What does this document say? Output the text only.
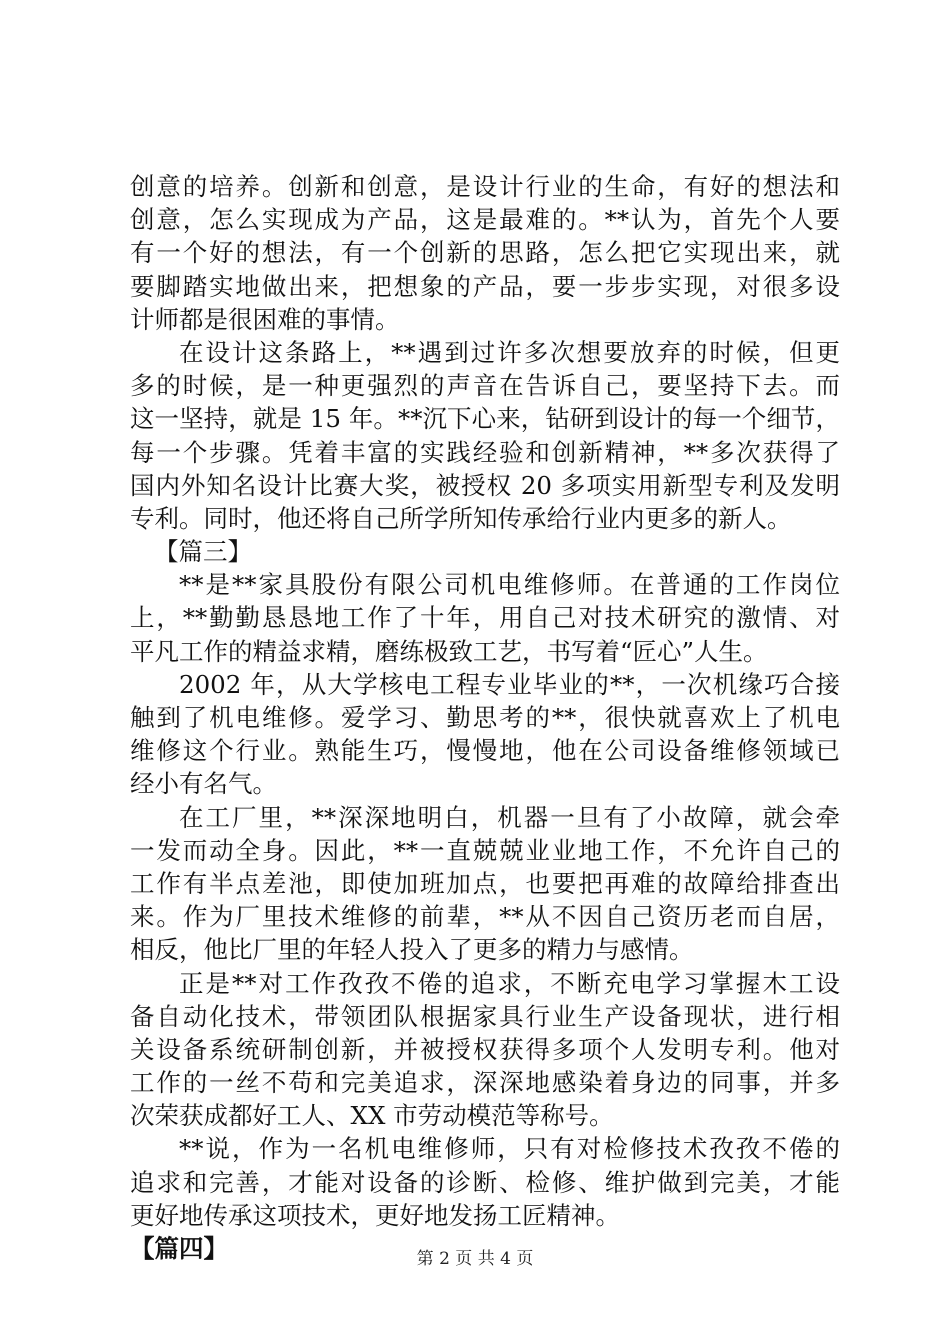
创意的培养。创新和创意，是设计行业的生命，有好的想法和
创意，怎么实现成为产品，这是最难的。**认为，首先个人要
有一个好的想法，有一个创新的思路，怎么把它实现出来，就
要脚踏实地做出来，把想象的产品，要一步步实现，对很多设
计师都是很困难的事情。
在设计这条路上，**遇到过许多次想要放弃的时候，但更
多的时候，是一种更强烈的声音在告诉自己，要坚持下去。而
这一坚持，就是 15 年。**沉下心来，钻研到设计的每一个细节，
每一个步骤。凭着丰富的实践经验和创新精神，**多次获得了
国内外知名设计比赛大奖，被授权 20 多项实用新型专利及发明
专利。同时，他还将自己所学所知传承给行业内更多的新人。
【篇三】
**是**家具股份有限公司机电维修师。在普通的工作岗位
上，**勤勤恳恳地工作了十年，用自己对技术研究的激情、对
平凡工作的精益求精，磨练极致工艺，书写着“匠心”人生。
2002 年，从大学核电工程专业毕业的**，一次机缘巧合接
触到了机电维修。爱学习、勤思考的**，很快就喜欢上了机电
维修这个行业。熟能生巧，慢慢地，他在公司设备维修领域已
经小有名气。
在工厂里，**深深地明白，机器一旦有了小故障，就会牵
一发而动全身。因此，**一直兢兢业业地工作，不允许自己的
工作有半点差池，即使加班加点，也要把再难的故障给排查出
来。作为厂里技术维修的前辈，**从不因自己资历老而自居，
相反，他比厂里的年轻人投入了更多的精力与感情。
正是**对工作孜孜不倦的追求，不断充电学习掌握木工设
备自动化技术，带领团队根据家具行业生产设备现状，进行相
关设备系统研制创新，并被授权获得多项个人发明专利。他对
工作的一丝不苟和完美追求，深深地感染着身边的同事，并多
次荣获成都好工人、XX 市劳动模范等称号。
**说，作为一名机电维修师，只有对检修技术孜孜不倦的
追求和完善，才能对设备的诊断、检修、维护做到完美，才能
更好地传承这项技术，更好地发扬工匠精神。
【篇四】	第 2 页 共 4 页
